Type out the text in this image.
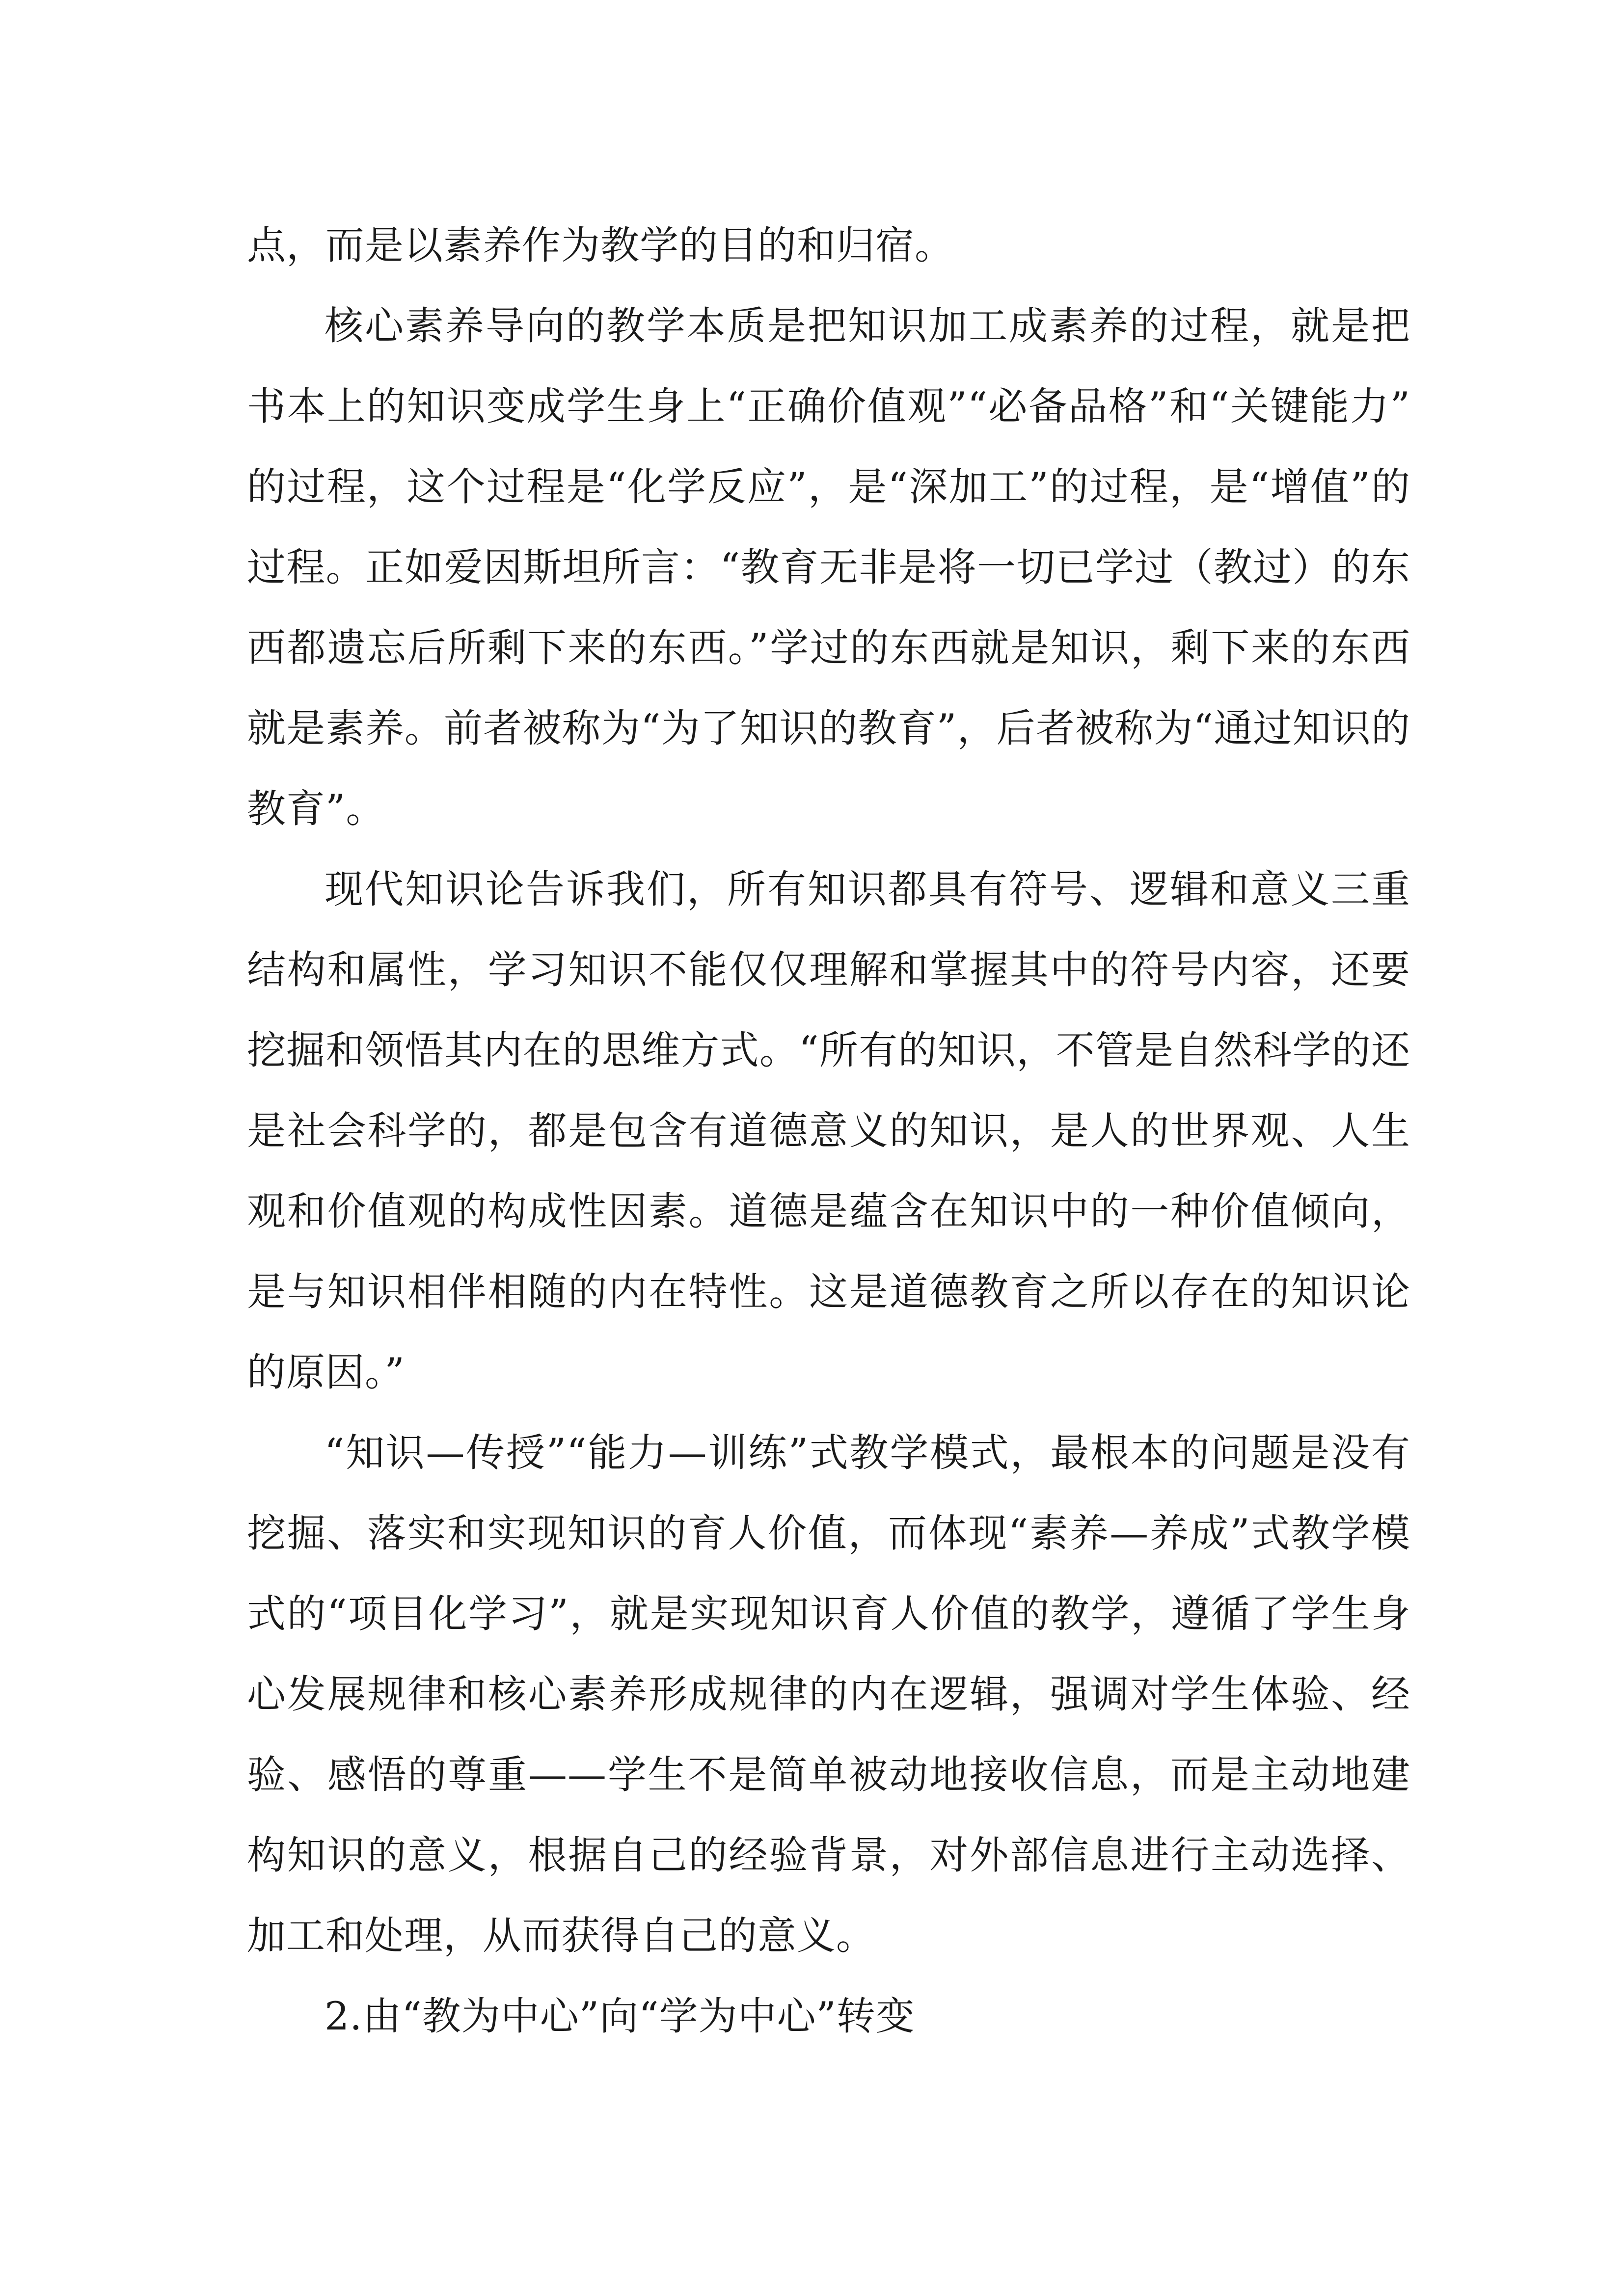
点，而是以素养作为教学的目的和归宿。

核心素养导向的教学本质是把知识加工成素养的过程，就是把书本上的知识变成学生身上“正确价值观”“必备品格”和“关键能力”的过程，这个过程是“化学反应”，是“深加工”的过程，是“增值”的过程。正如爱因斯坦所言：“教育无非是将一切已学过（教过）的东西都遗忘后所剩下来的东西。”学过的东西就是知识，剩下来的东西就是素养。前者被称为“为了知识的教育”，后者被称为“通过知识的教育”。

现代知识论告诉我们，所有知识都具有符号、逻辑和意义三重结构和属性，学习知识不能仅仅理解和掌握其中的符号内容，还要挖掘和领悟其内在的思维方式。“所有的知识，不管是自然科学的还是社会科学的，都是包含有道德意义的知识，是人的世界观、人生观和价值观的构成性因素。道德是蕴含在知识中的一种价值倾向，是与知识相伴相随的内在特性。这是道德教育之所以存在的知识论的原因。”

“知识—传授”“能力—训练”式教学模式，最根本的问题是没有挖掘、落实和实现知识的育人价值，而体现“素养—养成”式教学模式的“项目化学习”，就是实现知识育人价值的教学，遵循了学生身心发展规律和核心素养形成规律的内在逻辑，强调对学生体验、经验、感悟的尊重——学生不是简单被动地接收信息，而是主动地建构知识的意义，根据自己的经验背景，对外部信息进行主动选择、加工和处理，从而获得自己的意义。

2.由“教为中心”向“学为中心”转变
